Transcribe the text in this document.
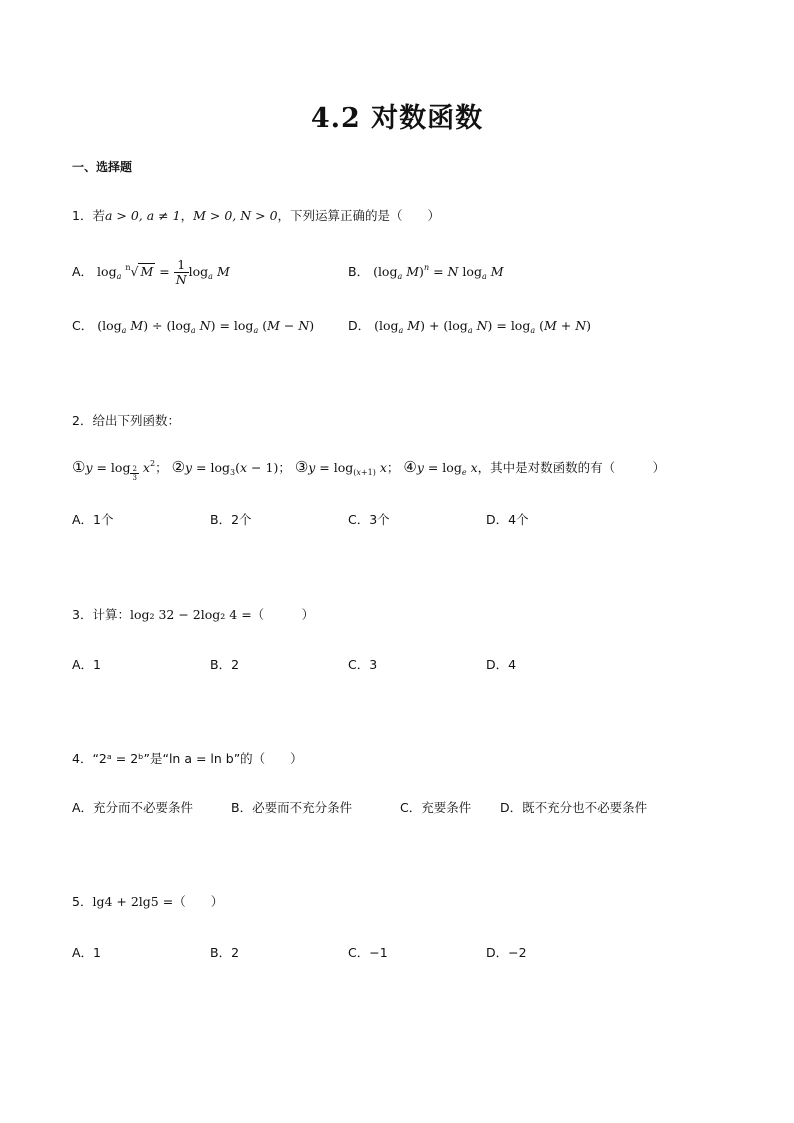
4.2 对数函数
一、选择题
1．若a > 0, a ≠ 1，M > 0, N > 0，下列运算正确的是（　　）
A． $\log_a ^n√$ $M = \frac{1}{N} \log_a M$	B． ($\log_a$ M)$^n$ = N $\log_a M$
C． ($\log_a$ $M) \div (\log_a$ $N) = \log_a (M - N)$	D． ($\log_a$ $M) + (\log_a$ $N) = \log_a (M + N)$
2．给出下列函数：
①y = $\log \frac{2}{3} x^2$； ②y = $\log_3(x - 1)$； ③y = $\log_{(x+1)} x$； ④y = $\log_e x$，其中是对数函数的有（　　　）
A．1个	B．2个	C．3个	D．4个
3．计算：log₂ 32 − 2log₂ 4 =（　　　）
A．1	B．2	C．3	D．4
4．“2ᵃ = 2ᵇ”是“ln a = ln b”的（　　）
A．充分而不必要条件	B．必要而不充分条件	C．充要条件 D．既不充分也不必要条件
5．lg4 + 2lg5 =（　　）
A．1	B．2	C．−1	D．−2
